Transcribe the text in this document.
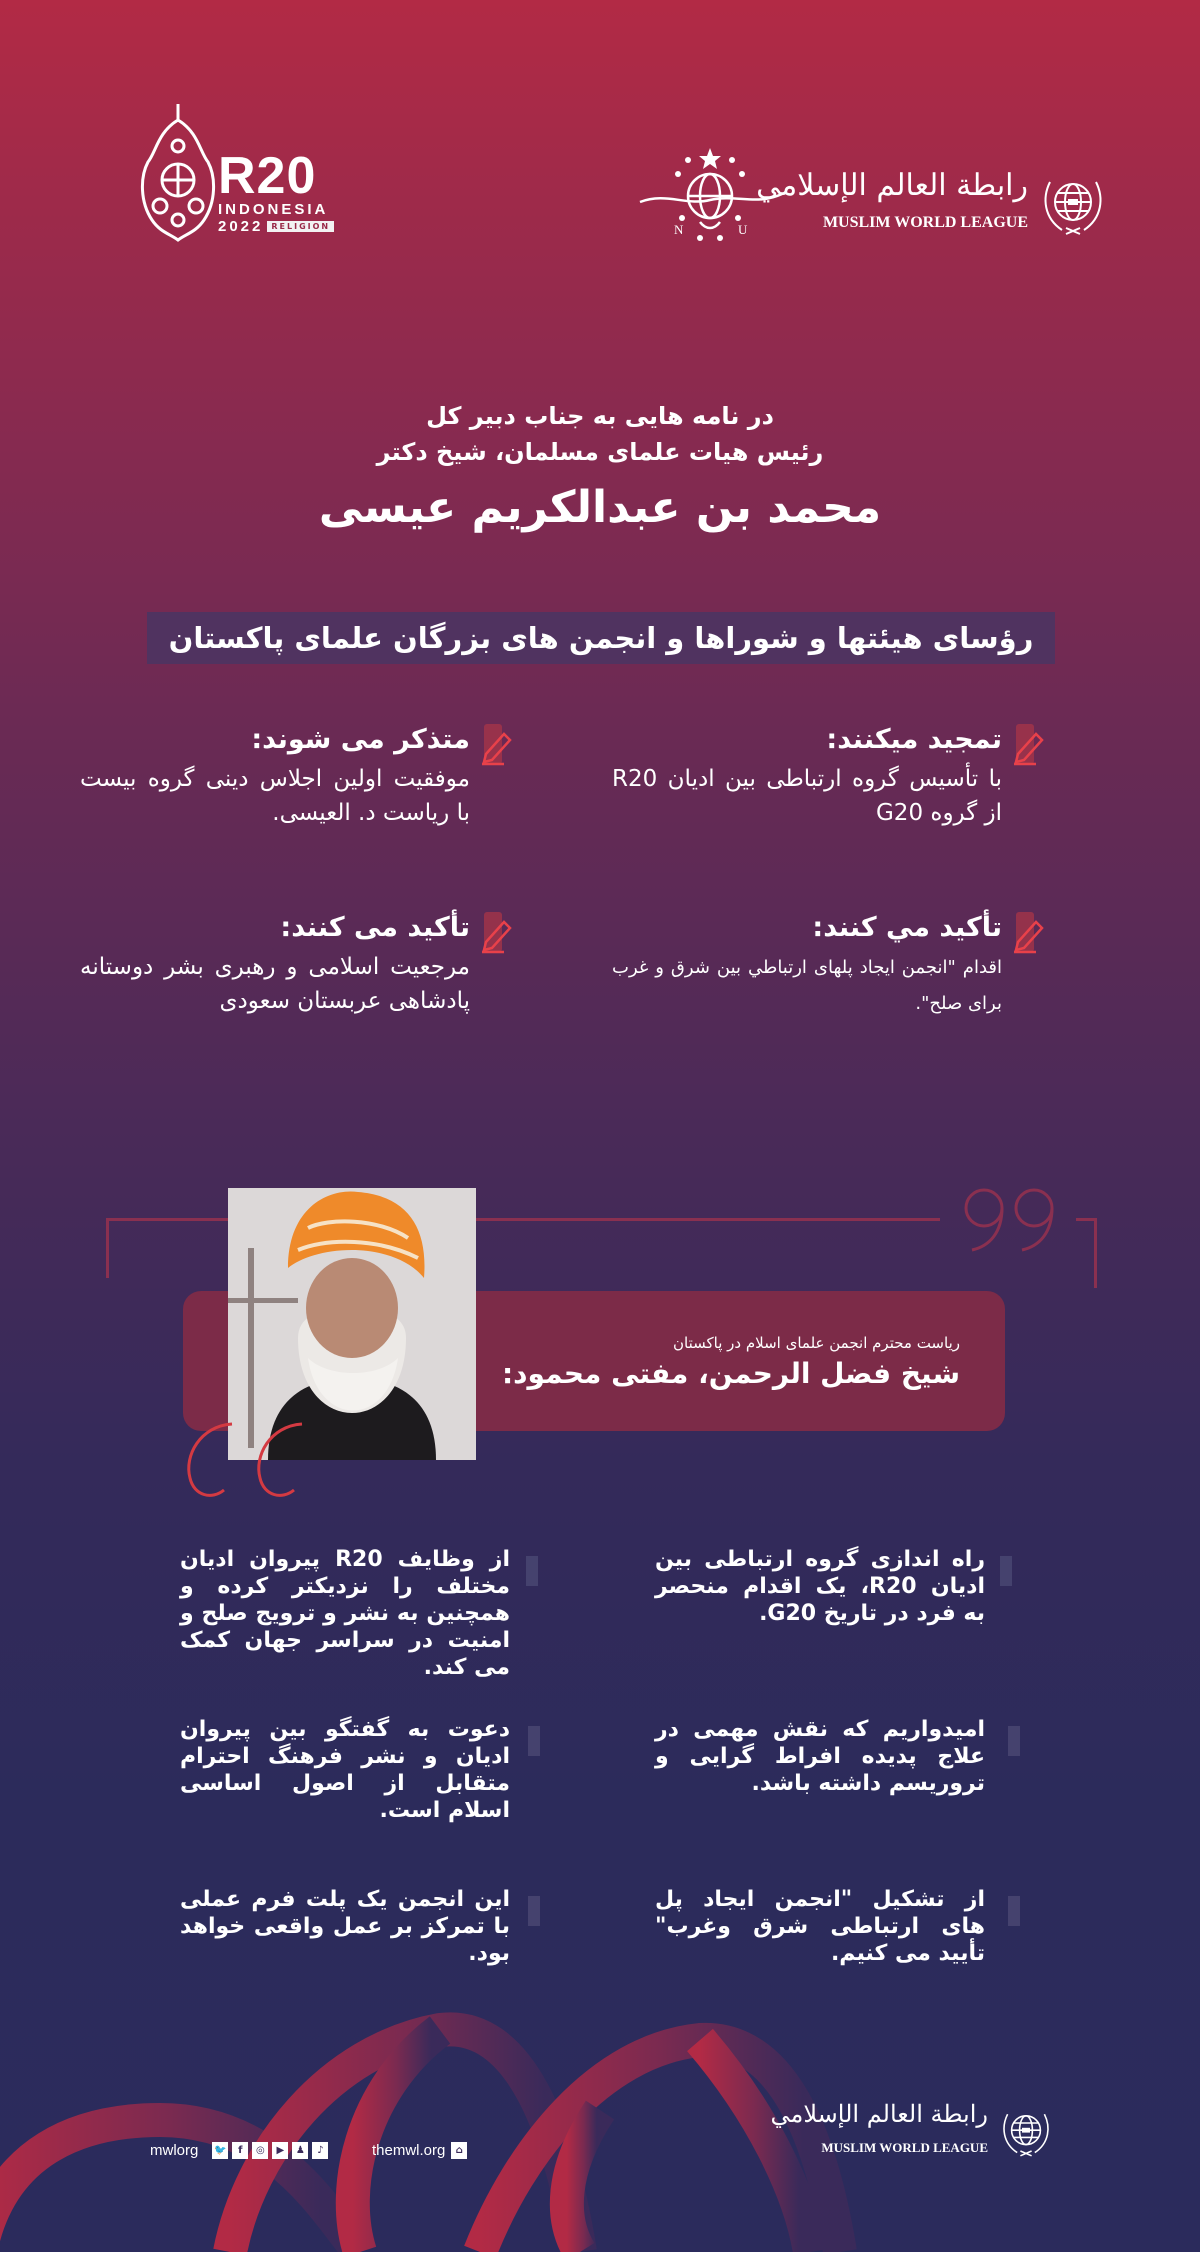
R20
INDONESIA
2022	RELIGION	N	U
رابطة العالم الإسلامي
MUSLIM WORLD LEAGUE
در نامه هایی به جناب دبیر کل
رئیس هیات علمای مسلمان، شیخ دکتر
محمد بن عبدالکریم عیسی
رؤسای هیئتها و شوراها و انجمن های بزرگان علمای پاکستان
تمجید میکنند:
با تأسیس گروه ارتباطی بین ادیان R20 از گروه G20
متذکر می شوند:
موفقیت اولین اجلاس دینی گروه بیست با ریاست د. العیسی.
تأکید مي كنند:
اقدام "انجمن ایجاد پلهای ارتباطي بين شرق و غرب برای صلح".
تأکید می کنند:
مرجعیت اسلامی و رهبری بشر دوستانه پادشاهی عربستان سعودی
ریاست محترم انجمن علمای اسلام در پاکستان
شیخ فضل الرحمن، مفتی محمود:
راه اندازی گروه ارتباطی بین ادیان R20، یک اقدام منحصر به فرد در تاریخ G20.
از وظایف R20 پیروان ادیان مختلف را نزدیکتر کرده و همچنین به نشر و ترویج صلح و امنیت در سراسر جهان کمک می کند.
امیدواریم که نقش مهمی در علاج پدیده افراط گرایی و تروریسم داشته باشد.
دعوت به گفتگو بین پیروان ادیان و نشر فرهنگ احترام متقابل از اصول اساسی اسلام است.
از تشکیل "انجمن ایجاد پل های ارتباطی شرق وغرب" تأیید می کنیم.
این انجمن یک پلت فرم عملی با تمرکز بر عمل واقعی خواهد بود.
mwlorg 🐦	f	◎	▶	♟	♪	themwl.org	⌂
رابطة العالم الإسلامي
MUSLIM WORLD LEAGUE
